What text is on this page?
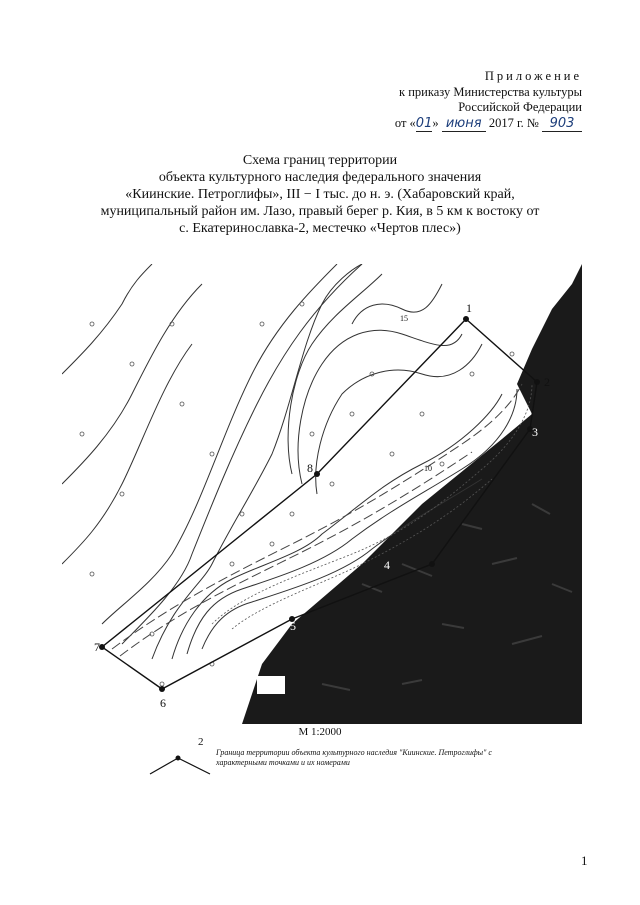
Приложение
к приказу Министерства культуры
Российской Федерации
от «01» июня 2017 г. № 903
Схема границ территории
объекта культурного наследия федерального значения
«Киинские. Петроглифы», III − I тыс. до н. э. (Хабаровский край,
муниципальный район им. Лазо, правый берег р. Кия, в 5 км к востоку от
с. Екатеринославка-2, местечко «Чертов плес»)
1
2
3
4
5
6
7
8
15
10
М 1:2000
2
Граница территории объекта культурного наследия "Киинские. Петроглифы" с характерными точками и их номерами
1
